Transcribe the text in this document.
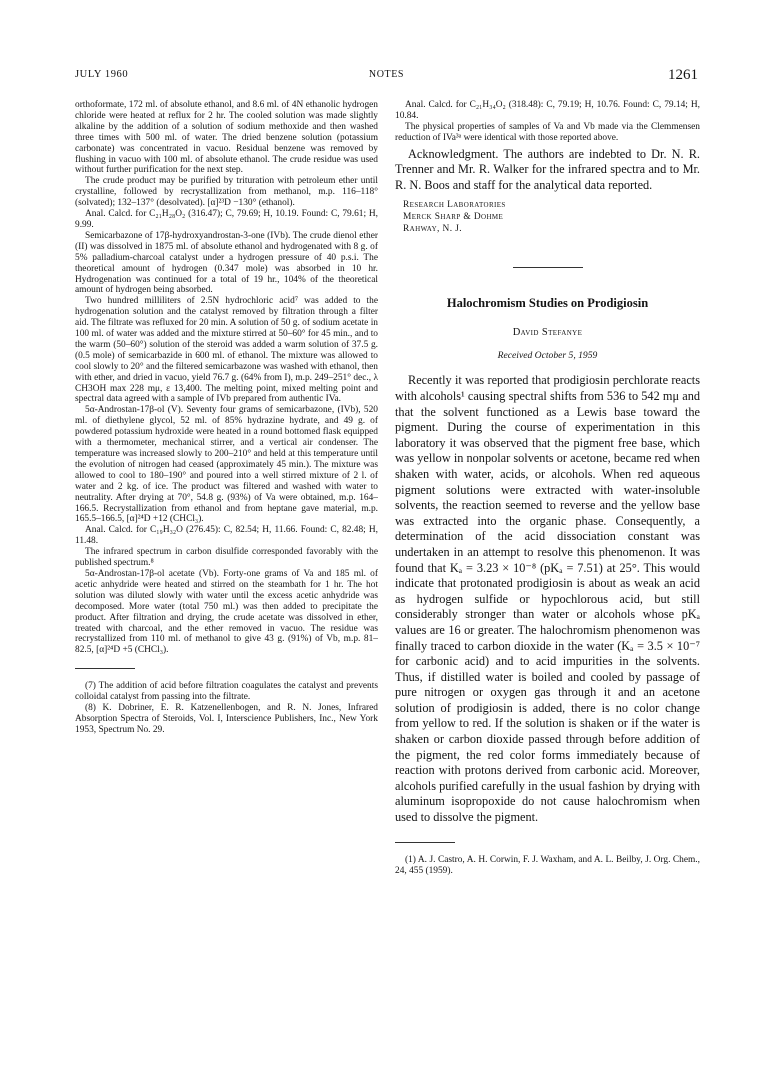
JULY 1960	NOTES	1261

orthoformate, 172 ml. of absolute ethanol, and 8.6 ml. of 4N ethanolic hydrogen chloride were heated at reflux for 2 hr. The cooled solution was made slightly alkaline by the addition of a solution of sodium methoxide and then washed three times with 500 ml. of water. The dried benzene solution (potassium carbonate) was concentrated in vacuo. Residual benzene was removed by flushing in vacuo with 100 ml. of absolute ethanol. The crude residue was used without further purification for the next step.

The crude product may be purified by trituration with petroleum ether until crystalline, followed by recrystallization from methanol, m.p. 116–118° (solvated); 132–137° (desolvated). [α]²³D −130° (ethanol).

Anal. Calcd. for C₂₁H₂₈O₂ (316.47); C, 79.69; H, 10.19. Found: C, 79.61; H, 9.99.

Semicarbazone of 17β-hydroxyandrostan-3-one (IVb). The crude dienol ether (II) was dissolved in 1875 ml. of absolute ethanol and hydrogenated with 8 g. of 5% palladium-charcoal catalyst under a hydrogen pressure of 40 p.s.i. The theoretical amount of hydrogen (0.347 mole) was absorbed in 10 hr. Hydrogenation was continued for a total of 19 hr., 104% of the theoretical amount of hydrogen being absorbed.

Two hundred milliliters of 2.5N hydrochloric acid⁷ was added to the hydrogenation solution and the catalyst removed by filtration through a filter aid. The filtrate was refluxed for 20 min. A solution of 50 g. of sodium acetate in 100 ml. of water was added and the mixture stirred at 50–60° for 45 min., and to the warm (50–60°) solution of the steroid was added a warm solution of 37.5 g. (0.5 mole) of semicarbazide in 600 ml. of ethanol. The mixture was allowed to cool slowly to 20° and the filtered semicarbazone was washed with ethanol, then with ether, and dried in vacuo, yield 76.7 g. (64% from I), m.p. 249–251° dec., λ CH3OH max 228 mμ, ε 13,400. The melting point, mixed melting point and spectral data agreed with a sample of IVb prepared from authentic IVa.

5α-Androstan-17β-ol (V). Seventy four grams of semicarbazone, (IVb), 520 ml. of diethylene glycol, 52 ml. of 85% hydrazine hydrate, and 49 g. of powdered potassium hydroxide were heated in a round bottomed flask equipped with a thermometer, mechanical stirrer, and a vertical air condenser. The temperature was increased slowly to 200–210° and held at this temperature until the evolution of nitrogen had ceased (approximately 45 min.). The mixture was allowed to cool to 180–190° and poured into a well stirred mixture of 2 l. of water and 2 kg. of ice. The product was filtered and washed with water to neutrality. After drying at 70°, 54.8 g. (93%) of Va were obtained, m.p. 164–166.5. Recrystallization from ethanol and from heptane gave material, m.p. 165.5–166.5, [α]²⁴D +12 (CHCl₃).

Anal. Calcd. for C₁₉H₃₂O (276.45): C, 82.54; H, 11.66. Found: C, 82.48; H, 11.48.

The infrared spectrum in carbon disulfide corresponded favorably with the published spectrum.⁸

5α-Androstan-17β-ol acetate (Vb). Forty-one grams of Va and 185 ml. of acetic anhydride were heated and stirred on the steambath for 1 hr. The hot solution was diluted slowly with water until the excess acetic anhydride was decomposed. More water (total 750 ml.) was then added to precipitate the product. After filtration and drying, the crude acetate was dissolved in ether, treated with charcoal, and the ether removed in vacuo. The residue was recrystallized from 110 ml. of methanol to give 43 g. (91%) of Vb, m.p. 81–82.5, [α]²⁴D +5 (CHCl₃).

(7) The addition of acid before filtration coagulates the catalyst and prevents colloidal catalyst from passing into the filtrate.

(8) K. Dobriner, E. R. Katzenellenbogen, and R. N. Jones, Infrared Absorption Spectra of Steroids, Vol. I, Interscience Publishers, Inc., New York 1953, Spectrum No. 29.

Anal. Calcd. for C₂₁H₃₄O₂ (318.48): C, 79.19; H, 10.76. Found: C, 79.14; H, 10.84.

The physical properties of samples of Va and Vb made via the Clemmensen reduction of IVa³ᵃ were identical with those reported above.

Acknowledgment. The authors are indebted to Dr. N. R. Trenner and Mr. R. Walker for the infrared spectra and to Mr. R. N. Boos and staff for the analytical data reported.

Research Laboratories

Merck Sharp & Dohme

Rahway, N. J.

Halochromism Studies on Prodigiosin
David Stefanye
Received October 5, 1959

Recently it was reported that prodigiosin perchlorate reacts with alcohols¹ causing spectral shifts from 536 to 542 mμ and that the solvent functioned as a Lewis base toward the pigment. During the course of experimentation in this laboratory it was observed that the pigment free base, which was yellow in nonpolar solvents or acetone, became red when shaken with water, acids, or alcohols. When red aqueous pigment solutions were extracted with water-insoluble solvents, the reaction seemed to reverse and the yellow base was extracted into the organic phase. Consequently, a determination of the acid dissociation constant was undertaken in an attempt to resolve this phenomenon. It was found that Kₐ = 3.23 × 10⁻⁸ (pKₐ = 7.51) at 25°. This would indicate that protonated prodigiosin is about as weak an acid as hydrogen sulfide or hypochlorous acid, but still considerably stronger than water or alcohols whose pKₐ values are 16 or greater. The halochromism phenomenon was finally traced to carbon dioxide in the water (Kₐ = 3.5 × 10⁻⁷ for carbonic acid) and to acid impurities in the solvents. Thus, if distilled water is boiled and cooled by passage of pure nitrogen or oxygen gas through it and an acetone solution of prodigiosin is added, there is no color change from yellow to red. If the solution is shaken or if the water is shaken or carbon dioxide passed through before addition of the pigment, the red color forms immediately because of reaction with protons derived from carbonic acid. Moreover, alcohols purified carefully in the usual fashion by drying with aluminum isopropoxide do not cause halochromism when used to dissolve the pigment.

(1) A. J. Castro, A. H. Corwin, F. J. Waxham, and A. L. Beilby, J. Org. Chem., 24, 455 (1959).
